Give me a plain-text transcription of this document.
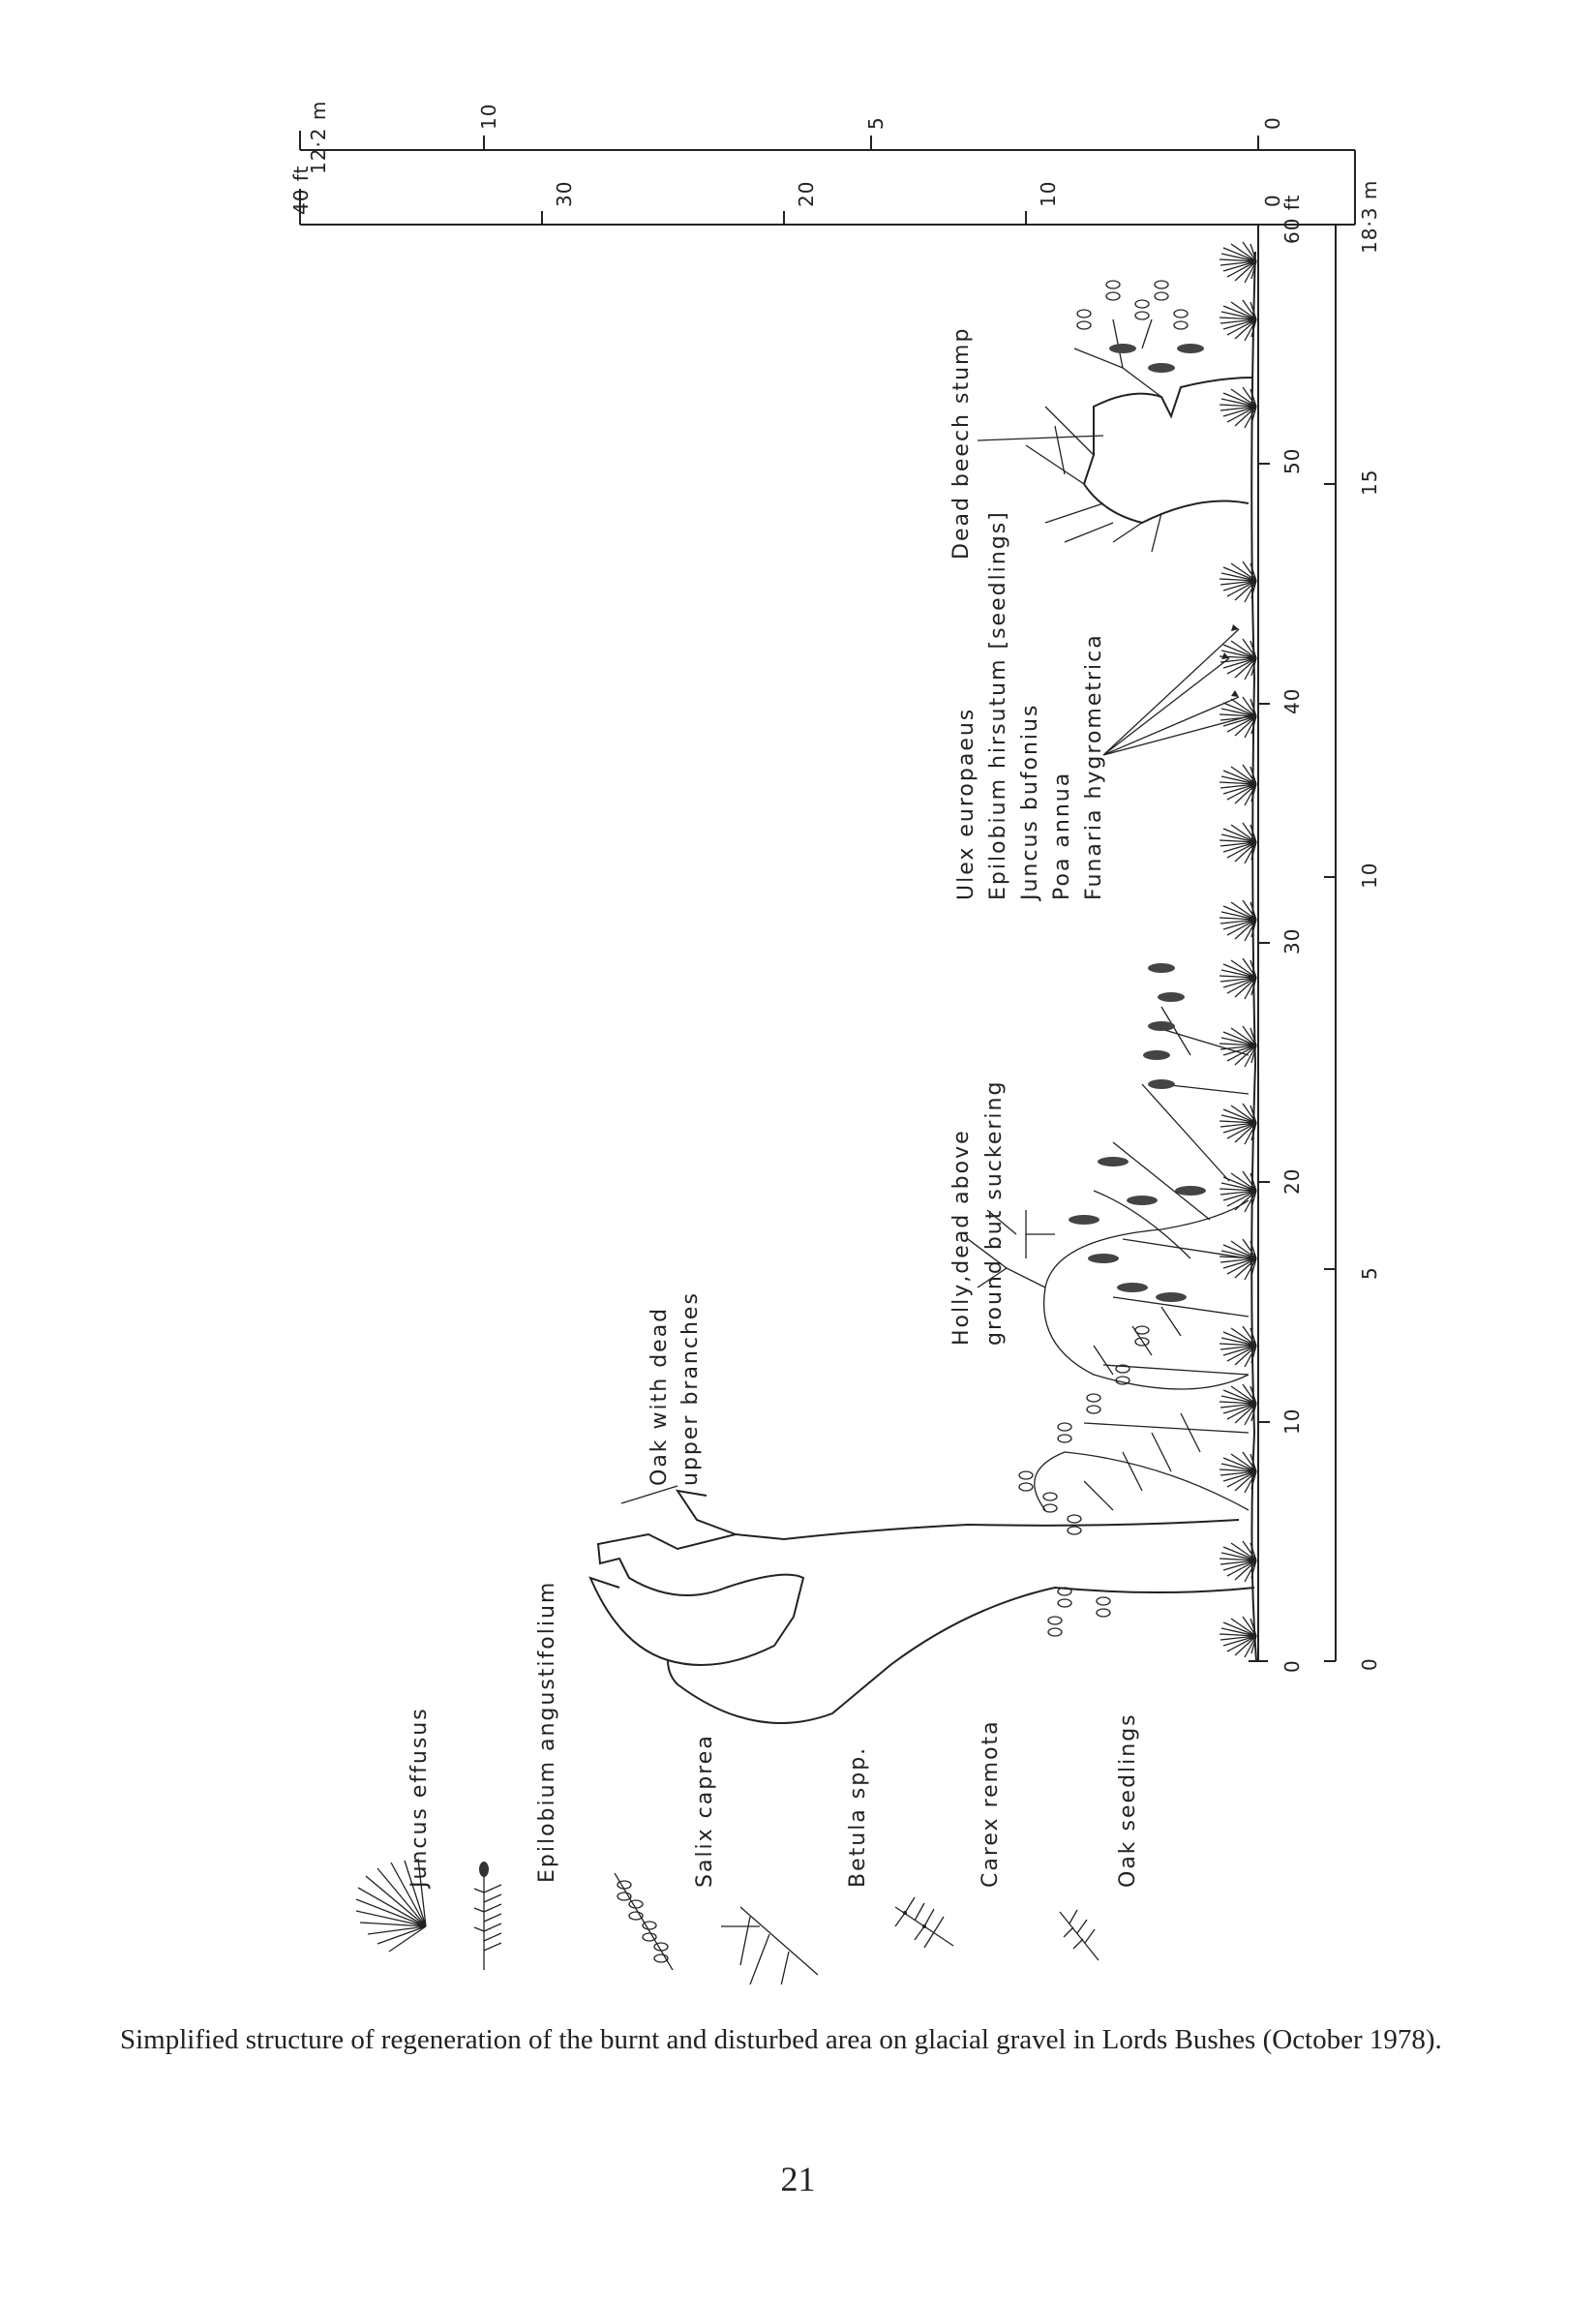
Juncus effusus	Epilobium angustifolium	Salix caprea	Betula spp.	Carex remota	Oak seedlings
12·2 m	10	5	0
40 ft	30	20	10	0
0
10
20
30
40
50
60 ft
0
5
10
15
18·3 m
Oak with dead upper branches
Holly,dead above ground but suckering
Dead beech stump
Ulex europaeus Epilobium hirsutum [seedlings] Juncus bufonius Poa annua Funaria hygrometrica

Simplified structure of regeneration of the burnt and disturbed area on glacial gravel in Lords Bushes (October 1978).

21
